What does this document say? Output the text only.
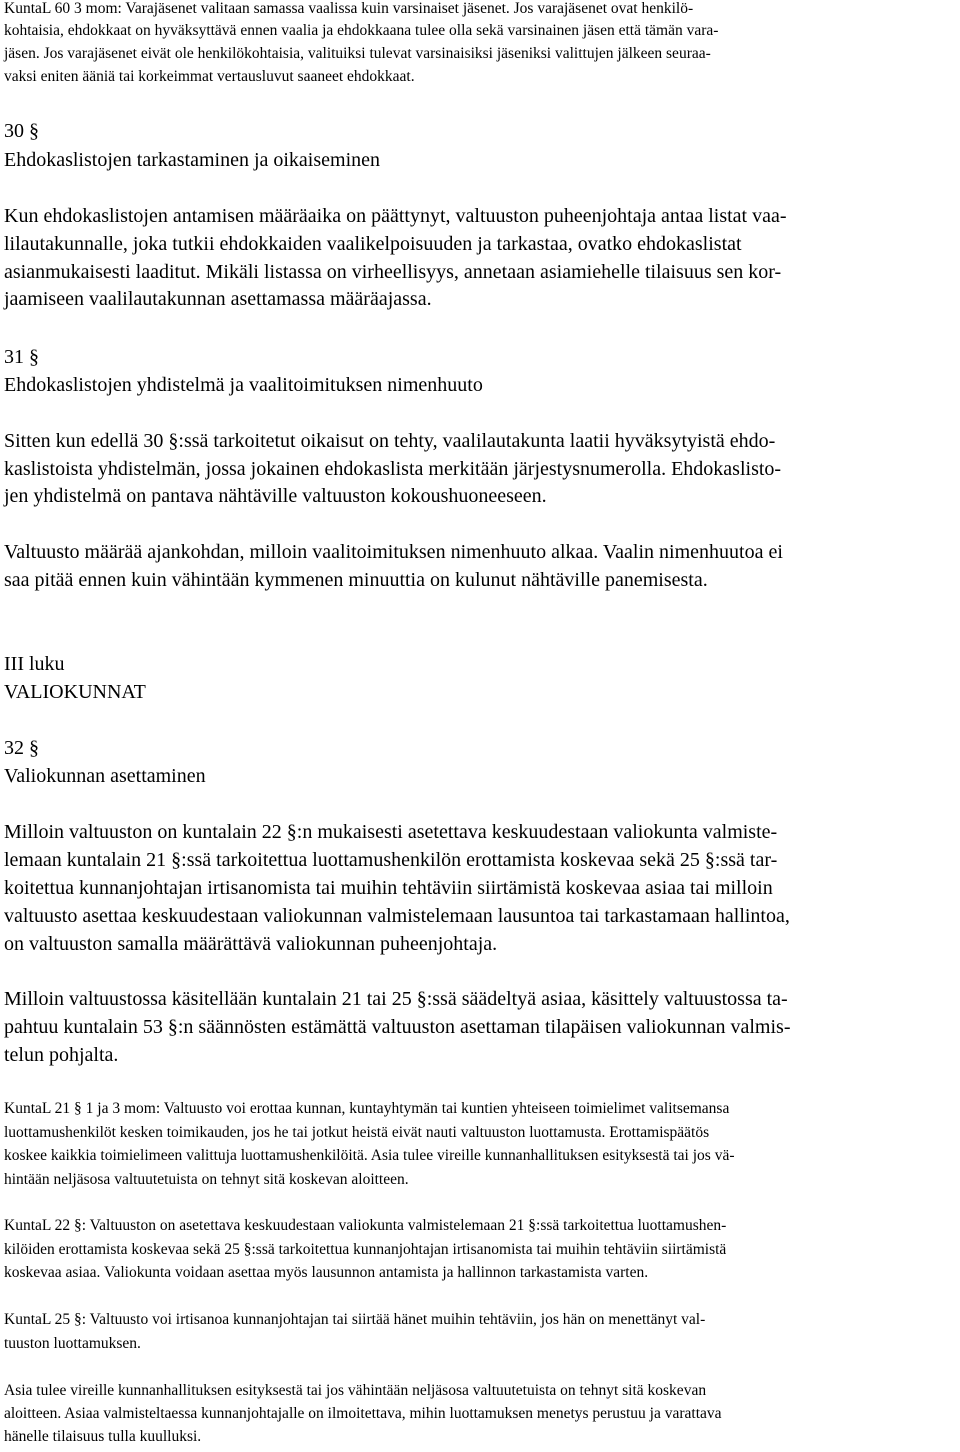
KuntaL 60 3 mom: Varajäsenet valitaan samassa vaalissa kuin varsinaiset jäsenet. Jos varajäsenet ovat henkilö-
kohtaisia, ehdokkaat on hyväksyttävä ennen vaalia ja ehdokkaana tulee olla sekä varsinainen jäsen että tämän vara-
jäsen. Jos varajäsenet eivät ole henkilökohtaisia, valituiksi tulevat varsinaisiksi jäseniksi valittujen jälkeen seuraa-
vaksi eniten ääniä tai korkeimmat vertausluvut saaneet ehdokkaat.
30 §
Ehdokaslistojen tarkastaminen ja oikaiseminen
Kun ehdokaslistojen antamisen määräaika on päättynyt, valtuuston puheenjohtaja antaa listat vaa-
lilautakunnalle, joka tutkii ehdokkaiden vaalikelpoisuuden ja tarkastaa, ovatko ehdokaslistat
asianmukaisesti laaditut. Mikäli listassa on virheellisyys, annetaan asiamiehelle tilaisuus sen kor-
jaamiseen vaalilautakunnan asettamassa määräajassa.
31 §
Ehdokaslistojen yhdistelmä ja vaalitoimituksen nimenhuuto
Sitten kun edellä 30 §:ssä tarkoitetut oikaisut on tehty, vaalilautakunta laatii hyväksytyistä ehdo-
kaslistoista yhdistelmän, jossa jokainen ehdokaslista merkitään järjestysnumerolla. Ehdokaslisto-
jen yhdistelmä on pantava nähtäville valtuuston kokoushuoneeseen.
Valtuusto määrää ajankohdan, milloin vaalitoimituksen nimenhuuto alkaa. Vaalin nimenhuutoa ei
saa pitää ennen kuin vähintään kymmenen minuuttia on kulunut nähtäville panemisesta.
III luku
VALIOKUNNAT
32 §
Valiokunnan asettaminen
Milloin valtuuston on kuntalain 22 §:n mukaisesti asetettava keskuudestaan valiokunta valmiste-
lemaan kuntalain 21 §:ssä tarkoitettua luottamushenkilön erottamista koskevaa sekä 25 §:ssä tar-
koitettua kunnanjohtajan irtisanomista tai muihin tehtäviin siirtämistä koskevaa asiaa tai milloin
valtuusto asettaa keskuudestaan valiokunnan valmistelemaan lausuntoa tai tarkastamaan hallintoa,
on valtuuston samalla määrättävä valiokunnan puheenjohtaja.
Milloin valtuustossa käsitellään kuntalain 21 tai 25 §:ssä säädeltyä asiaa, käsittely valtuustossa ta-
pahtuu kuntalain 53 §:n säännösten estämättä valtuuston asettaman tilapäisen valiokunnan valmis-
telun pohjalta.
KuntaL 21 § 1 ja 3 mom: Valtuusto voi erottaa kunnan, kuntayhtymän tai kuntien yhteiseen toimielimet valitsemansa
luottamushenkilöt kesken toimikauden, jos he tai jotkut heistä eivät nauti valtuuston luottamusta. Erottamispäätös
koskee kaikkia toimielimeen valittuja luottamushenkilöitä. Asia tulee vireille kunnanhallituksen esityksestä tai jos vä-
hintään neljäsosa valtuutetuista on tehnyt sitä koskevan aloitteen.
KuntaL 22 §: Valtuuston on asetettava keskuudestaan valiokunta valmistelemaan 21 §:ssä tarkoitettua luottamushen-
kilöiden erottamista koskevaa sekä 25 §:ssä tarkoitettua kunnanjohtajan irtisanomista tai muihin tehtäviin siirtämistä
koskevaa asiaa. Valiokunta voidaan asettaa myös lausunnon antamista ja hallinnon tarkastamista varten.
KuntaL 25 §: Valtuusto voi irtisanoa kunnanjohtajan tai siirtää hänet muihin tehtäviin, jos hän on menettänyt val-
tuuston luottamuksen.
Asia tulee vireille kunnanhallituksen esityksestä tai jos vähintään neljäsosa valtuutetuista on tehnyt sitä koskevan
aloitteen. Asiaa valmisteltaessa kunnanjohtajalle on ilmoitettava, mihin luottamuksen menetys perustuu ja varattava
hänelle tilaisuus tulla kuulluksi.
